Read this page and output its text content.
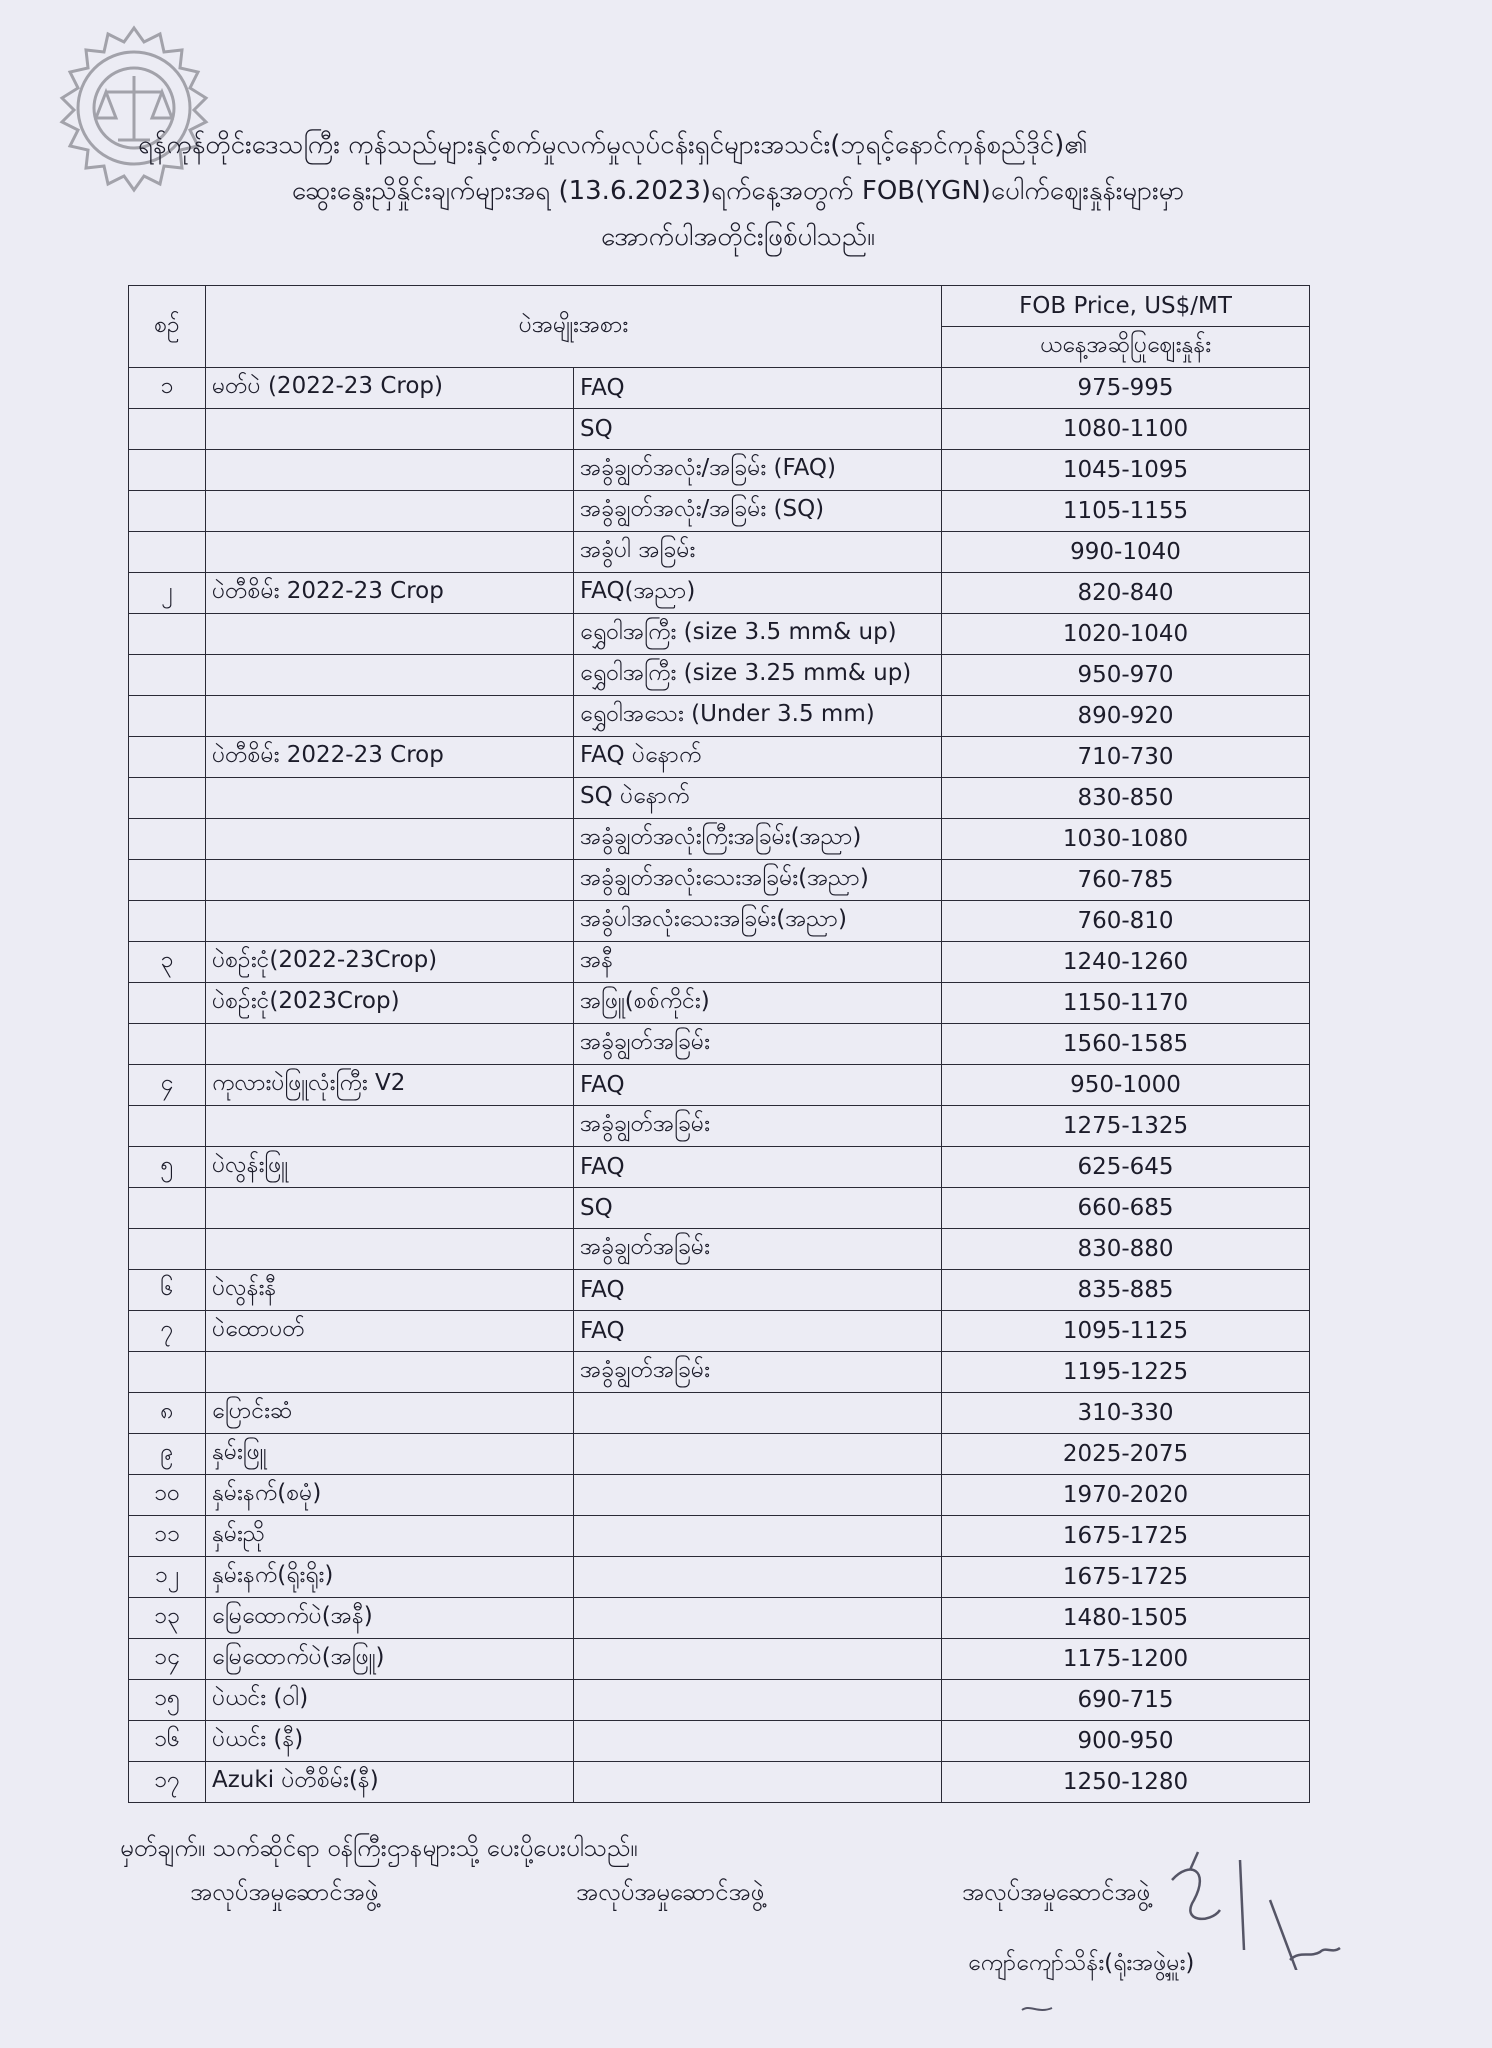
ရန်ကုန်တိုင်းဒေသကြီး ကုန်သည်များနှင့်စက်မှုလက်မှုလုပ်ငန်းရှင်များအသင်း(ဘုရင့်နောင်ကုန်စည်ဒိုင်)၏
ဆွေးနွေးညှိနှိုင်းချက်များအရ (13.6.2023)ရက်နေ့အတွက် FOB(YGN)ပေါက်ဈေးနှုန်းများမှာ
အောက်ပါအတိုင်းဖြစ်ပါသည်။
စဉ်	ပဲအမျိုးအစား		FOB Price, US$/MT
			ယနေ့အဆိုပြုဈေးနှုန်း
၁	မတ်ပဲ (2022-23 Crop)	FAQ	975-995
		SQ	1080-1100
		အခွံချွတ်အလုံး/အခြမ်း (FAQ)	1045-1095
		အခွံချွတ်အလုံး/အခြမ်း (SQ)	1105-1155
		အခွံပါ အခြမ်း	990-1040
၂	ပဲတီစိမ်း 2022-23 Crop	FAQ(အညာ)	820-840
		ရွှေဝါအကြီး (size 3.5 mm& up)	1020-1040
		ရွှေဝါအကြီး (size 3.25 mm& up)	950-970
		ရွှေဝါအသေး (Under 3.5 mm)	890-920
	ပဲတီစိမ်း 2022-23 Crop	FAQ ပဲနောက်	710-730
		SQ ပဲနောက်	830-850
		အခွံချွတ်အလုံးကြီးအခြမ်း(အညာ)	1030-1080
		အခွံချွတ်အလုံးသေးအခြမ်း(အညာ)	760-785
		အခွံပါအလုံးသေးအခြမ်း(အညာ)	760-810
၃	ပဲစဉ်းငုံ(2022-23Crop)	အနီ	1240-1260
	ပဲစဉ်းငုံ(2023Crop)	အဖြူ(စစ်ကိုင်း)	1150-1170
		အခွံချွတ်အခြမ်း	1560-1585
၄	ကုလားပဲဖြူလုံးကြီး V2	FAQ	950-1000
		အခွံချွတ်အခြမ်း	1275-1325
၅	ပဲလွန်းဖြူ	FAQ	625-645
		SQ	660-685
		အခွံချွတ်အခြမ်း	830-880
၆	ပဲလွန်းနီ	FAQ	835-885
၇	ပဲထောပတ်	FAQ	1095-1125
		အခွံချွတ်အခြမ်း	1195-1225
၈	ပြောင်းဆံ		310-330
၉	နှမ်းဖြူ		2025-2075
၁၀	နှမ်းနက်(စမုံ)		1970-2020
၁၁	နှမ်းညို		1675-1725
၁၂	နှမ်းနက်(ရိုးရိုး)		1675-1725
၁၃	မြေထောက်ပဲ(အနီ)		1480-1505
၁၄	မြေထောက်ပဲ(အဖြူ)		1175-1200
၁၅	ပဲယင်း (ဝါ)		690-715
၁၆	ပဲယင်း (နီ)		900-950
၁၇	Azuki ပဲတီစိမ်း(နီ)		1250-1280
မှတ်ချက်။ သက်ဆိုင်ရာ ဝန်ကြီးဌာနများသို့ ပေးပို့ပေးပါသည်။
အလုပ်အမှုဆောင်အဖွဲ့	အလုပ်အမှုဆောင်အဖွဲ့	အလုပ်အမှုဆောင်အဖွဲ့
ကျော်ကျော်သိန်း(ရုံးအဖွဲ့မှူး)
